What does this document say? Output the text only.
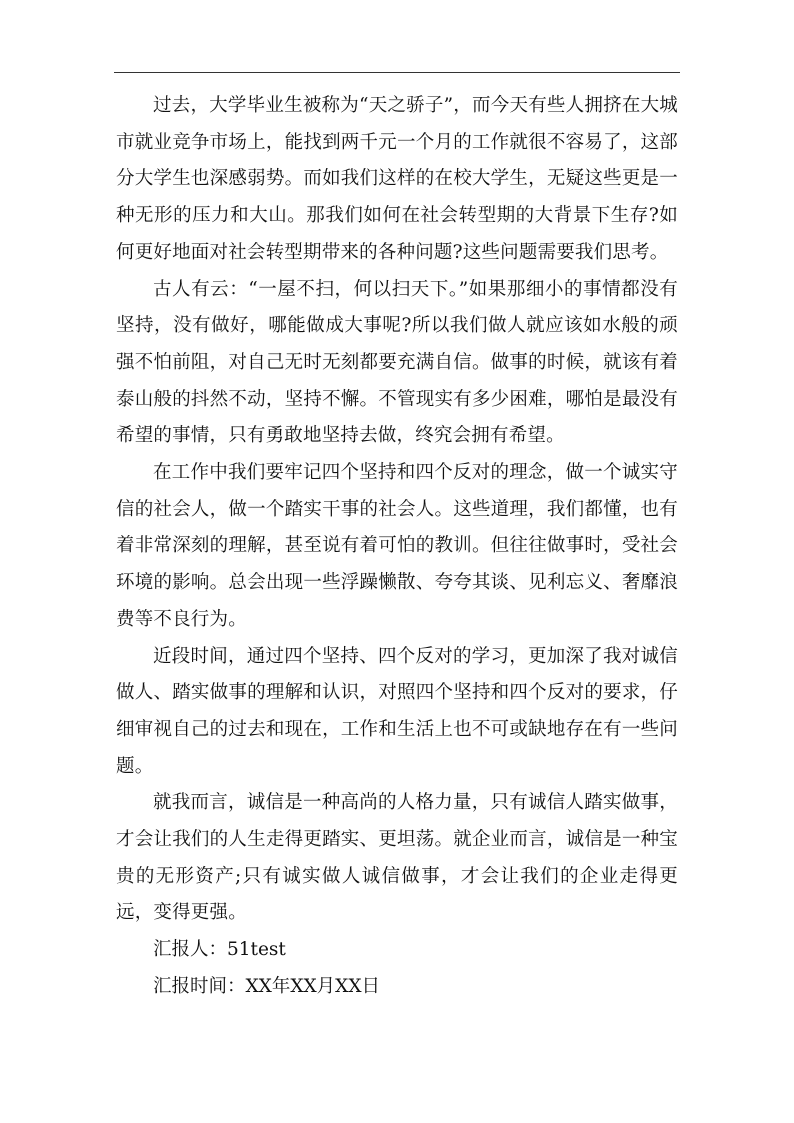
过去，大学毕业生被称为“天之骄子”，而今天有些人拥挤在大城市就业竞争市场上，能找到两千元一个月的工作就很不容易了，这部分大学生也深感弱势。而如我们这样的在校大学生，无疑这些更是一种无形的压力和大山。那我们如何在社会转型期的大背景下生存?如何更好地面对社会转型期带来的各种问题?这些问题需要我们思考。

古人有云：“一屋不扫，何以扫天下。”如果那细小的事情都没有坚持，没有做好，哪能做成大事呢?所以我们做人就应该如水般的顽强不怕前阻，对自己无时无刻都要充满自信。做事的时候，就该有着泰山般的抖然不动，坚持不懈。不管现实有多少困难，哪怕是最没有希望的事情，只有勇敢地坚持去做，终究会拥有希望。

在工作中我们要牢记四个坚持和四个反对的理念，做一个诚实守信的社会人，做一个踏实干事的社会人。这些道理，我们都懂，也有着非常深刻的理解，甚至说有着可怕的教训。但往往做事时，受社会环境的影响。总会出现一些浮躁懒散、夸夸其谈、见利忘义、奢靡浪费等不良行为。

近段时间，通过四个坚持、四个反对的学习，更加深了我对诚信做人、踏实做事的理解和认识，对照四个坚持和四个反对的要求，仔细审视自己的过去和现在，工作和生活上也不可或缺地存在有一些问题。

就我而言，诚信是一种高尚的人格力量，只有诚信人踏实做事，才会让我们的人生走得更踏实、更坦荡。就企业而言，诚信是一种宝贵的无形资产;只有诚实做人诚信做事，才会让我们的企业走得更远，变得更强。

汇报人：51test

汇报时间：XX年XX月XX日
